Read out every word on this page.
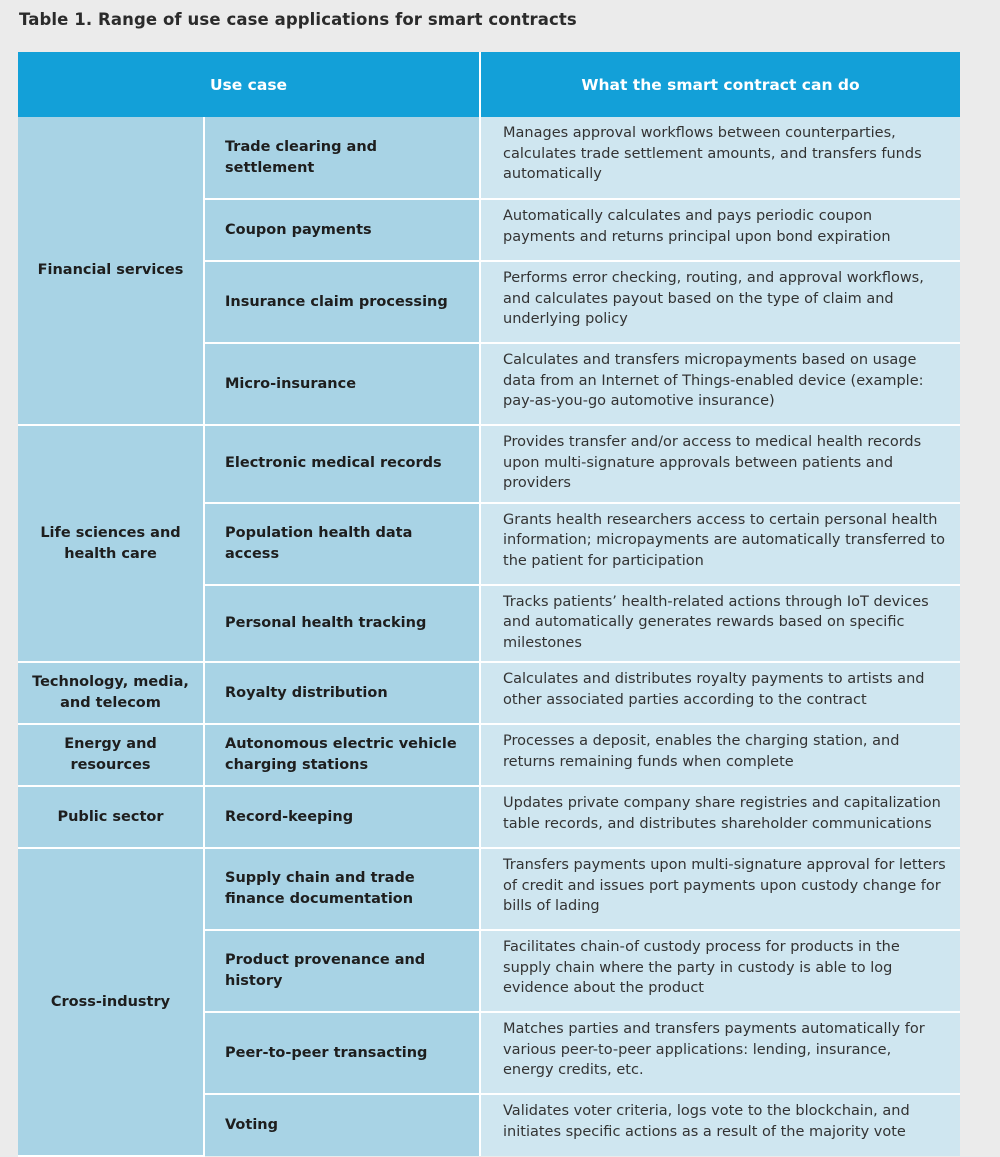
Table 1. Range of use case applications for smart contracts
Use case		What the smart contract can do
Financial services	Trade clearing and settlement	Manages approval workflows between counterparties, calculates trade settlement amounts, and transfers funds automatically
	Coupon payments	Automatically calculates and pays periodic coupon payments and returns principal upon bond expiration
	Insurance claim processing	Performs error checking, routing, and approval workflows, and calculates payout based on the type of claim and underlying policy
	Micro-insurance	Calculates and transfers micropayments based on usage data from an Internet of Things-enabled device (example: pay-as-you-go automotive insurance)
Life sciences and health care	Electronic medical records	Provides transfer and/or access to medical health records upon multi-signature approvals between patients and providers
	Population health data access	Grants health researchers access to certain personal health information; micropayments are automatically transferred to the patient for participation
	Personal health tracking	Tracks patients’ health-related actions through IoT devices and automatically generates rewards based on specific milestones
Technology, media, and telecom	Royalty distribution	Calculates and distributes royalty payments to artists and other associated parties according to the contract
Energy and resources	Autonomous electric vehicle charging stations	Processes a deposit, enables the charging station, and returns remaining funds when complete
Public sector	Record-keeping	Updates private company share registries and capitalization table records, and distributes shareholder communications
Cross-industry	Supply chain and trade finance documentation	Transfers payments upon multi-signature approval for letters of credit and issues port payments upon custody change for bills of lading
	Product provenance and history	Facilitates chain-of custody process for products in the supply chain where the party in custody is able to log evidence about the product
	Peer-to-peer transacting	Matches parties and transfers payments automatically for various peer-to-peer applications: lending, insurance, energy credits, etc.
	Voting	Validates voter criteria, logs vote to the blockchain, and initiates specific actions as a result of the majority vote
